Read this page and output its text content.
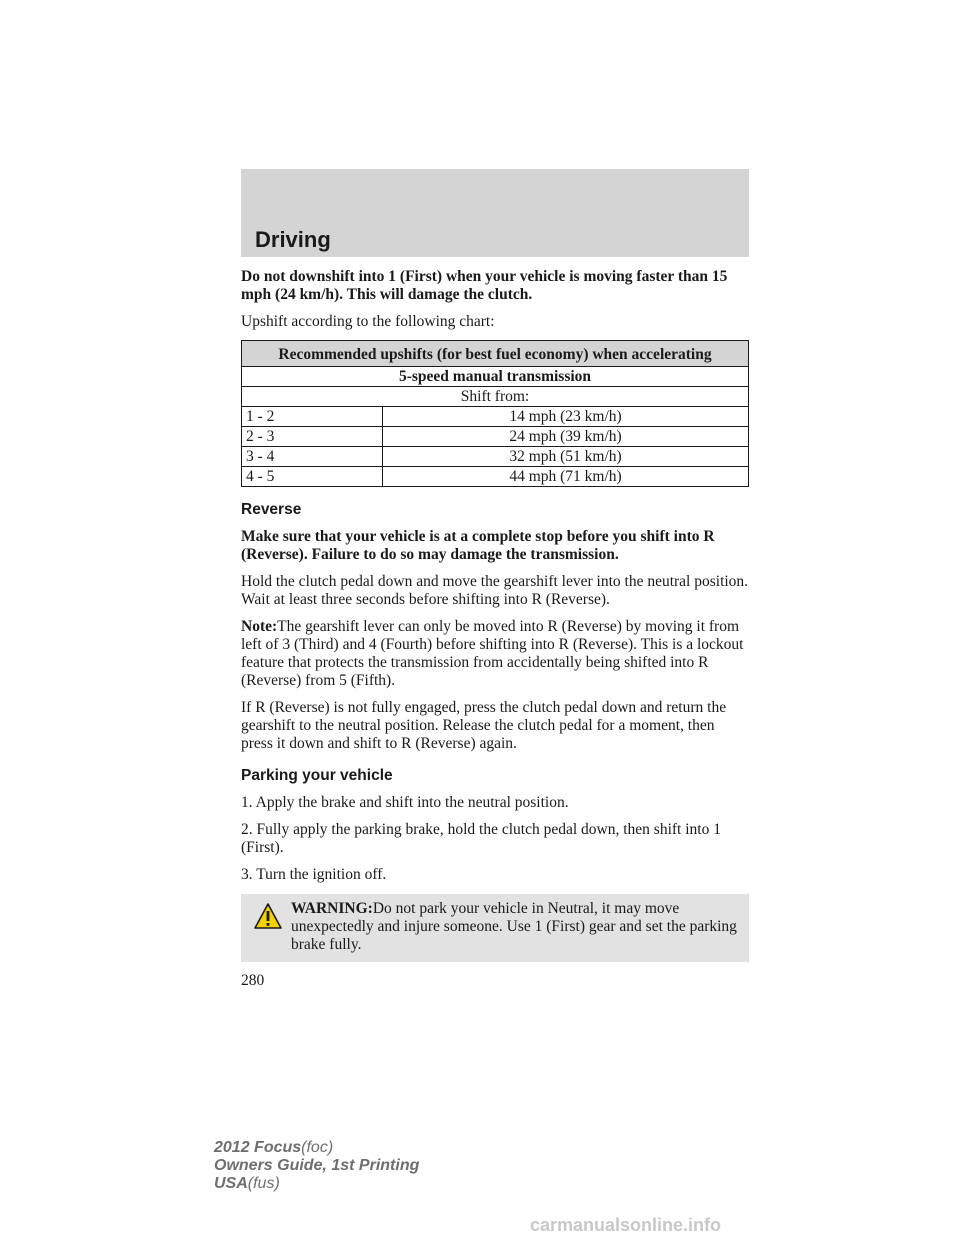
Driving

Do not downshift into 1 (First) when your vehicle is moving faster than 15 mph (24 km/h). This will damage the clutch.

Upshift according to the following chart:

Recommended upshifts (for best fuel economy) when accelerating	
5-speed manual transmission	
Shift from:	
1 - 2	14 mph (23 km/h)
2 - 3	24 mph (39 km/h)
3 - 4	32 mph (51 km/h)
4 - 5	44 mph (71 km/h)
Reverse

Make sure that your vehicle is at a complete stop before you shift into R (Reverse). Failure to do so may damage the transmission.

Hold the clutch pedal down and move the gearshift lever into the neutral position. Wait at least three seconds before shifting into R (Reverse).

Note:The gearshift lever can only be moved into R (Reverse) by moving it from left of 3 (Third) and 4 (Fourth) before shifting into R (Reverse). This is a lockout feature that protects the transmission from accidentally being shifted into R (Reverse) from 5 (Fifth).

If R (Reverse) is not fully engaged, press the clutch pedal down and return the gearshift to the neutral position. Release the clutch pedal for a moment, then press it down and shift to R (Reverse) again.

Parking your vehicle

1. Apply the brake and shift into the neutral position.

2. Fully apply the parking brake, hold the clutch pedal down, then shift into 1 (First).

3. Turn the ignition off.

WARNING:Do not park your vehicle in Neutral, it may move unexpectedly and injure someone. Use 1 (First) gear and set the parking brake fully.
280
2012 Focus(foc)
Owners Guide, 1st Printing
USA(fus)
carmanualsonline.info
